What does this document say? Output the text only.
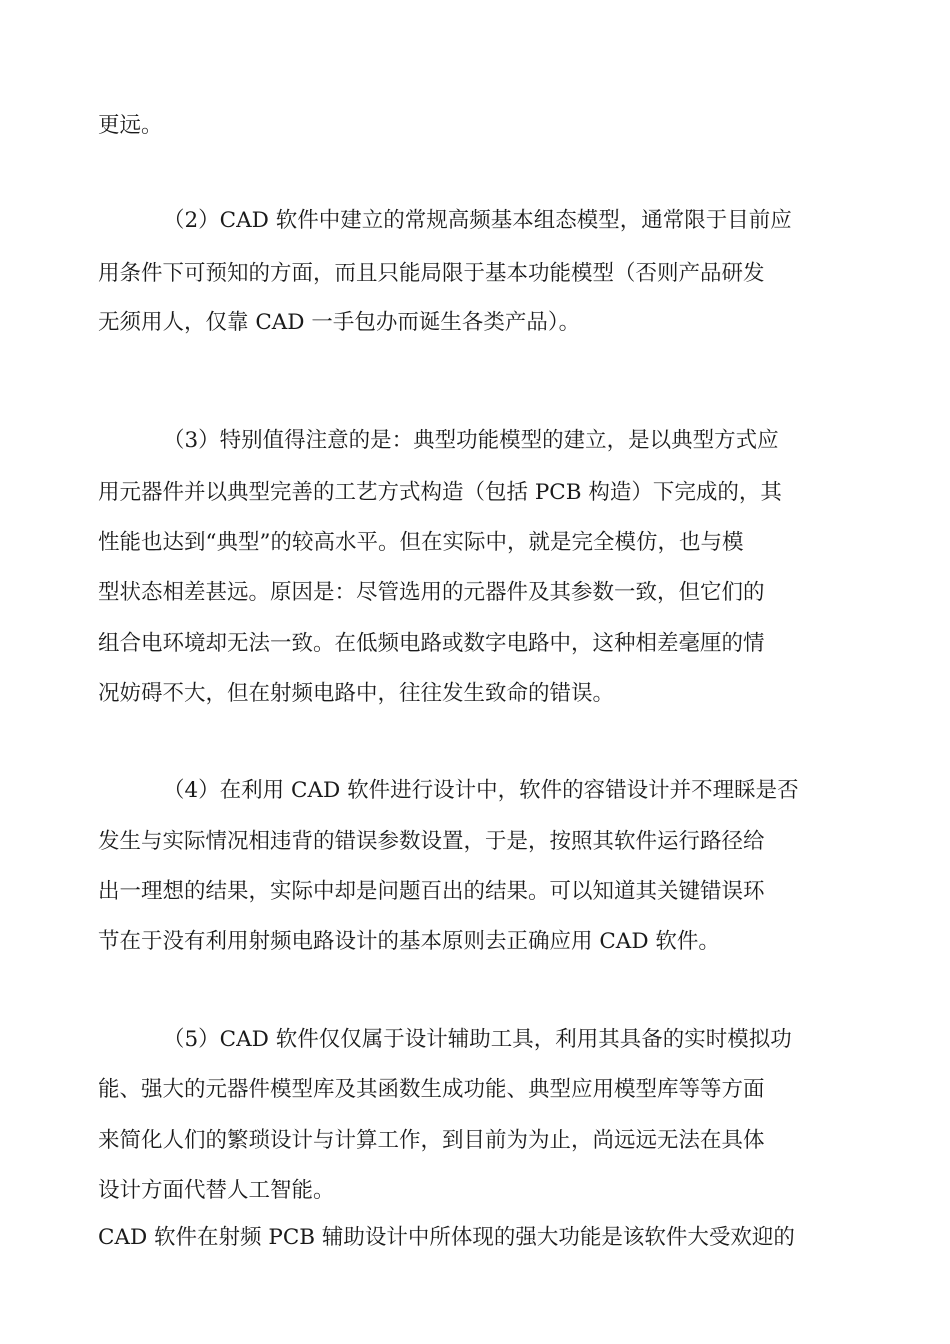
更远。

（2）CAD 软件中建立的常规高频基本组态模型，通常限于目前应

用条件下可预知的方面，而且只能局限于基本功能模型（否则产品研发

无须用人，仅靠 CAD 一手包办而诞生各类产品）。

（3）特别值得注意的是：典型功能模型的建立，是以典型方式应

用元器件并以典型完善的工艺方式构造（包括 PCB 构造）下完成的，其

性能也达到“典型”的较高水平。但在实际中，就是完全模仿，也与模

型状态相差甚远。原因是：尽管选用的元器件及其参数一致，但它们的

组合电环境却无法一致。在低频电路或数字电路中，这种相差毫厘的情

况妨碍不大，但在射频电路中，往往发生致命的错误。

（4）在利用 CAD 软件进行设计中，软件的容错设计并不理睬是否

发生与实际情况相违背的错误参数设置，于是，按照其软件运行路径给

出一理想的结果，实际中却是问题百出的结果。可以知道其关键错误环

节在于没有利用射频电路设计的基本原则去正确应用 CAD 软件。

（5）CAD 软件仅仅属于设计辅助工具，利用其具备的实时模拟功

能、强大的元器件模型库及其函数生成功能、典型应用模型库等等方面

来简化人们的繁琐设计与计算工作，到目前为为止，尚远远无法在具体

设计方面代替人工智能。

CAD 软件在射频 PCB 辅助设计中所体现的强大功能是该软件大受欢迎的
